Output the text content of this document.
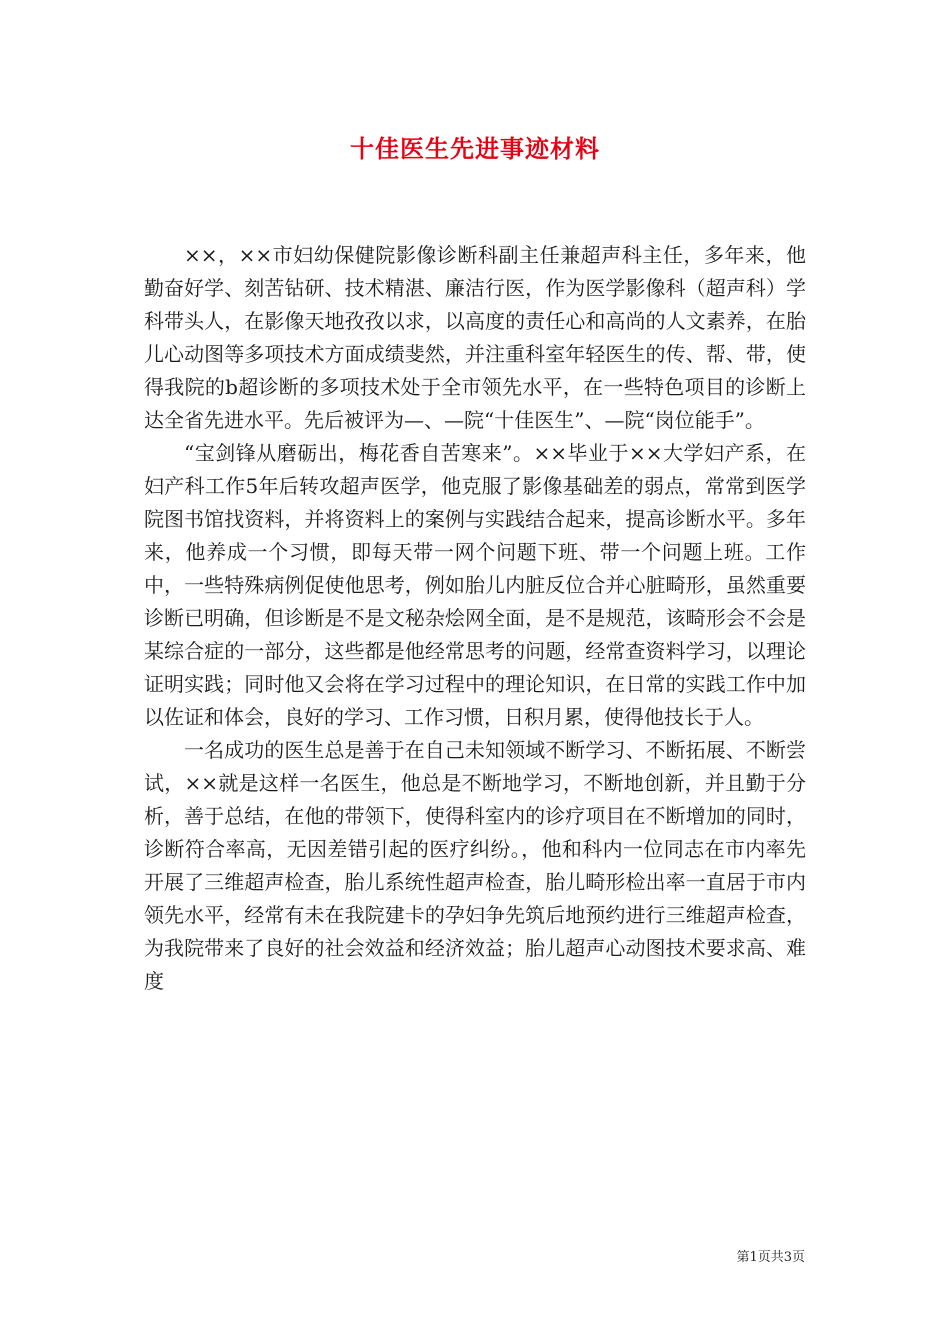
十佳医生先进事迹材料

××，××市妇幼保健院影像诊断科副主任兼超声科主任，多年来，他勤奋好学、刻苦钻研、技术精湛、廉洁行医，作为医学影像科（超声科）学科带头人，在影像天地孜孜以求，以高度的责任心和高尚的人文素养，在胎儿心动图等多项技术方面成绩斐然，并注重科室年轻医生的传、帮、带，使得我院的b超诊断的多项技术处于全市领先水平，在一些特色项目的诊断上达全省先进水平。先后被评为—、—院“十佳医生”、—院“岗位能手”。

“宝剑锋从磨砺出，梅花香自苦寒来”。××毕业于××大学妇产系，在妇产科工作5年后转攻超声医学，他克服了影像基础差的弱点，常常到医学院图书馆找资料，并将资料上的案例与实践结合起来，提高诊断水平。多年来，他养成一个习惯，即每天带一网个问题下班、带一个问题上班。工作中，一些特殊病例促使他思考，例如胎儿内脏反位合并心脏畸形，虽然重要诊断已明确，但诊断是不是文秘杂烩网全面，是不是规范，该畸形会不会是某综合症的一部分，这些都是他经常思考的问题，经常查资料学习，以理论证明实践；同时他又会将在学习过程中的理论知识，在日常的实践工作中加以佐证和体会，良好的学习、工作习惯，日积月累，使得他技长于人。

一名成功的医生总是善于在自己未知领域不断学习、不断拓展、不断尝试，××就是这样一名医生，他总是不断地学习，不断地创新，并且勤于分析，善于总结，在他的带领下，使得科室内的诊疗项目在不断增加的同时，诊断符合率高，无因差错引起的医疗纠纷。，他和科内一位同志在市内率先开展了三维超声检查，胎儿系统性超声检查，胎儿畸形检出率一直居于市内领先水平，经常有未在我院建卡的孕妇争先筑后地预约进行三维超声检查，为我院带来了良好的社会效益和经济效益；胎儿超声心动图技术要求高、难度

第1页共3页
